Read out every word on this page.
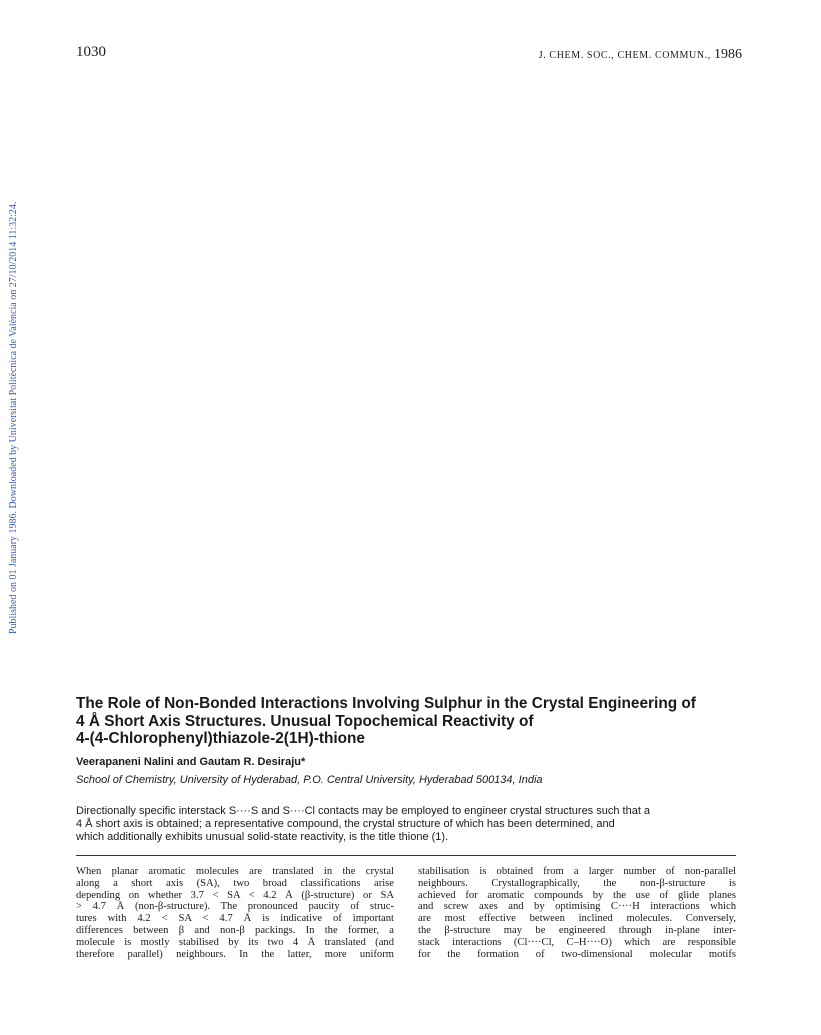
1030	J. CHEM. SOC., CHEM. COMMUN., 1986
Published on 01 January 1986. Downloaded by Universitat Politècnica de València on 27/10/2014 11:32:24.
The Role of Non-Bonded Interactions Involving Sulphur in the Crystal Engineering of
4 Å Short Axis Structures. Unusual Topochemical Reactivity of
4-(4-Chlorophenyl)thiazole-2(1H)-thione
Veerapaneni Nalini and Gautam R. Desiraju*
School of Chemistry, University of Hyderabad, P.O. Central University, Hyderabad 500134, India
Directionally specific interstack S····S and S····Cl contacts may be employed to engineer crystal structures such that a
4 Å short axis is obtained; a representative compound, the crystal structure of which has been determined, and
which additionally exhibits unusual solid-state reactivity, is the title thione (1).
When planar aromatic molecules are translated in the crystal
along a short axis (SA), two broad classifications arise
depending on whether 3.7 < SA < 4.2 Å (β-structure) or SA
> 4.7 Å (non-β-structure). The pronounced paucity of struc-
tures with 4.2 < SA < 4.7 Å is indicative of important
differences between β and non-β packings. In the former, a
molecule is mostly stabilised by its two 4 Å translated (and
therefore parallel) neighbours. In the latter, more uniform
stabilisation is obtained from a larger number of non-parallel
neighbours. Crystallographically, the non-β-structure is
achieved for aromatic compounds by the use of glide planes
and screw axes and by optimising C····H interactions which
are most effective between inclined molecules. Conversely,
the β-structure may be engineered through in-plane inter-
stack interactions (Cl····Cl, C–H····O) which are responsible
for the formation of two-dimensional molecular motifs
